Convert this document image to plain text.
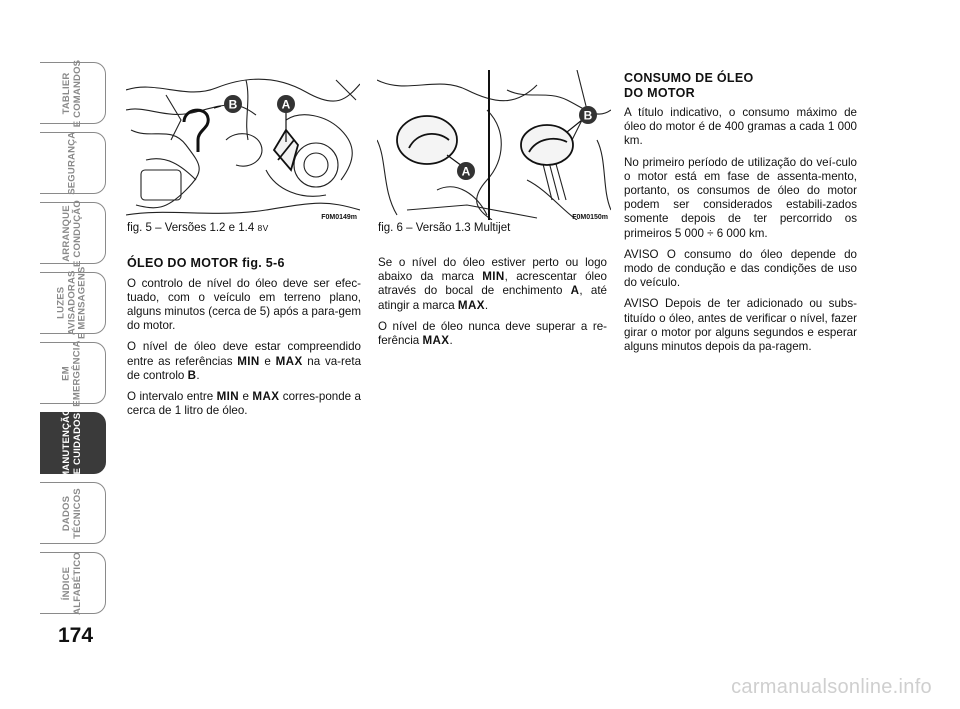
TABLIER
E COMANDOS
SEGURANÇA
ARRANQUE
E CONDUÇÃO
LUZES
AVISADORAS
E MENSAGENS
EM
EMERGÊNCIA
MANUTENÇÃO
E CUIDADOS
DADOS
TÉCNICOS
ÍNDICE
ALFABÉTICO
174
B	A
F0M0149m
fig. 5 – Versões 1.2 e 1.4 8V
A
B
F0M0150m
fig. 6 – Versão 1.3 Multijet
ÓLEO DO MOTOR fig. 5-6

O controlo de nível do óleo deve ser efec-tuado, com o veículo em terreno plano, alguns minutos (cerca de 5) após a para-gem do motor.

O nível de óleo deve estar compreendido entre as referências MIN e MAX na va-reta de controlo B.

O intervalo entre MIN e MAX corres-ponde a cerca de 1 litro de óleo.

Se o nível do óleo estiver perto ou logo abaixo da marca MIN, acrescentar óleo através do bocal de enchimento A, até atingir a marca MAX.

O nível de óleo nunca deve superar a re-ferência MAX.

CONSUMO DE ÓLEO
DO MOTOR

A título indicativo, o consumo máximo de óleo do motor é de 400 gramas a cada 1 000 km.

No primeiro período de utilização do veí-culo o motor está em fase de assenta-mento, portanto, os consumos de óleo do motor podem ser considerados estabili-zados somente depois de ter percorrido os primeiros 5 000 ÷ 6 000 km.

AVISO O consumo do óleo depende do modo de condução e das condições de uso do veículo.

AVISO Depois de ter adicionado ou subs-tituído o óleo, antes de verificar o nível, fazer girar o motor por alguns segundos e esperar alguns minutos depois da pa-ragem.

carmanualsonline.info
